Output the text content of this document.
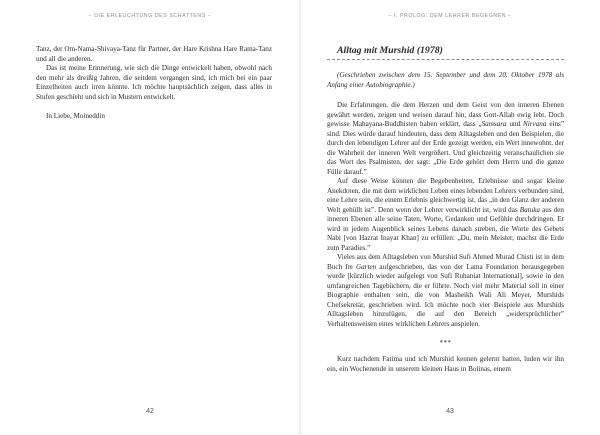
– DIE ERLEUCHTUNG DES SCHATTENS –

Tanz, der Om-Nama-Shivaya-Tanz für Partner, der Hare Krishna Hare Rama-Tanz und all die anderen.

Das ist meine Erinnerung, wie sich die Dinge entwickelt haben, obwohl nach den mehr als dreißig Jahren, die seitdem vergangen sind, ich mich bei ein paar Einzelheiten auch irren könnte. Ich möchte hauptsächlich zeigen, dass alles in Stufen geschieht und sich in Mustern entwickelt.

In Liebe, Moineddin

42
– I. PROLOG: DEM LEHRER BEGEGNEN –
Alltag mit Murshid (1978)

(Geschrieben zwischen dem 15. September und dem 20. Oktober 1978 als Anfang einer Autobiographie.)

Die Erfahrungen, die dem Herzen und dem Geist von den inneren Ebenen gewährt werden, zeigen und weisen darauf hin, dass Gott-Allah ewig lebt. Doch gewisse Mahayana-Buddhisten haben erklärt, dass „Samsara und Nirvana eins” sind. Dies würde darauf hindeuten, dass dem Alltagsleben und den Beispielen, die durch den lebendigen Lehrer auf der Erde gezeigt werden, ein Wert innewohnt, der die Wahrheit der inneren Welt vergrößert. Und gleichzeitig veranschaulichen sie das Wort des Psalmisten, der sagt: „Die Erde gehört dem Herrn und die ganze Fülle darauf.”

Auf diese Weise können die Begebenheiten, Erlebnisse und sogar kleine Anekdoten, die mit dem wirklichen Leben eines lebenden Lehrers verbunden sind, eine Lehre sein, die einem Erlebnis gleichwertig ist, das „in den Glanz der anderen Welt gehüllt ist”. Denn wenn der Lehrer verwirklicht ist, wird das Batuka aus den inneren Ebenen alle seine Taten, Worte, Gedanken und Gefühle durchdringen. Er wird in jedem Augenblick seines Lebens danach streben, die Worte des Gebets Nabi [von Hazrat Inayat Khan] zu erfüllen: „Du, mein Meister, machst die Erde zum Paradies.”

Vieles aus dem Alltagsleben von Murshid Sufi Ahmed Murad Chisti ist in dem Buch Im Garten aufgeschrieben, das von der Lama Foundation herausgegeben wurde [kürzlich wieder aufgelegt von Sufi Ruhaniat International], sowie in den umfangreichen Tagebüchern, die er führte. Noch viel mehr Material soll in einer Biographie enthalten sein, die von Masheikh Wali Ali Meyer, Murshids Chefsekretär, geschrieben wird. Ich möchte noch vier Beispiele aus Murshids Alltagsleben hinzufügen, die auf den Bereich „widersprüchlicher” Verhaltensweisen eines wirklichen Lehrers anspielen.

***

Kurz nachdem Fatima und ich Murshid kennen gelernt hatten, luden wir ihn ein, ein Wochenende in unserem kleinen Haus in Bolinas, einem

43
